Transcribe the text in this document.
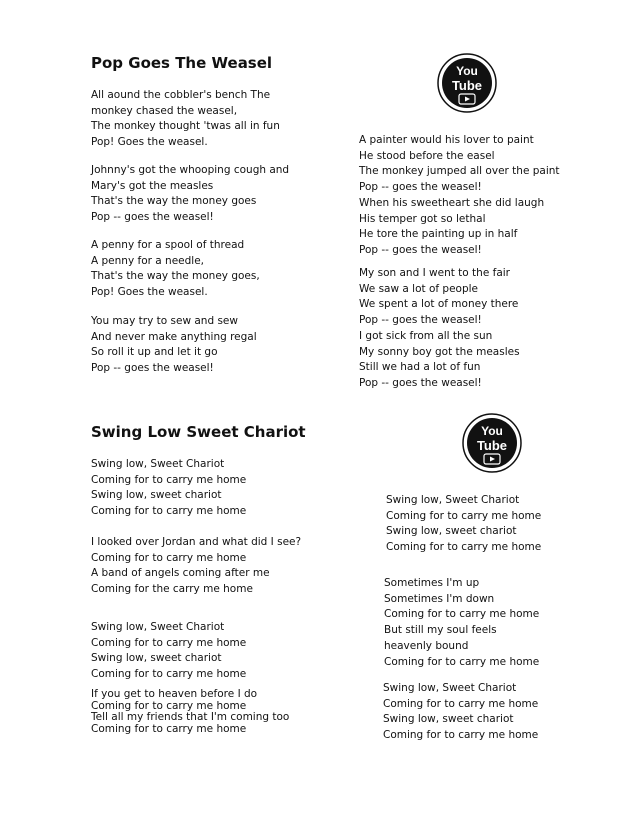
Pop Goes The Weasel	You
Tube
All aound the cobbler's bench The
monkey chased the weasel,
The monkey thought 'twas all in fun
Pop! Goes the weasel.
Johnny's got the whooping cough and
Mary's got the measles
That's the way the money goes
Pop -- goes the weasel!
A penny for a spool of thread
A penny for a needle,
That's the way the money goes,
Pop! Goes the weasel.
You may try to sew and sew
And never make anything regal
So roll it up and let it go
Pop -- goes the weasel!
A painter would his lover to paint
He stood before the easel
The monkey jumped all over the paint
Pop -- goes the weasel!
When his sweetheart she did laugh
His temper got so lethal
He tore the painting up in half
Pop -- goes the weasel!
My son and I went to the fair
We saw a lot of people
We spent a lot of money there
Pop -- goes the weasel!
I got sick from all the sun
My sonny boy got the measles
Still we had a lot of fun
Pop -- goes the weasel!
Swing Low Sweet Chariot	You
Tube
Swing low, Sweet Chariot
Coming for to carry me home
Swing low, sweet chariot
Coming for to carry me home
I looked over Jordan and what did I see?
Coming for to carry me home
A band of angels coming after me
Coming for the carry me home
Swing low, Sweet Chariot
Coming for to carry me home
Swing low, sweet chariot
Coming for to carry me home
If you get to heaven before I do
Coming for to carry me home
Tell all my friends that I'm coming too
Coming for to carry me home
Swing low, Sweet Chariot
Coming for to carry me home
Swing low, sweet chariot
Coming for to carry me home
Sometimes I'm up
Sometimes I'm down
Coming for to carry me home
But still my soul feels
heavenly bound
Coming for to carry me home
Swing low, Sweet Chariot
Coming for to carry me home
Swing low, sweet chariot
Coming for to carry me home
